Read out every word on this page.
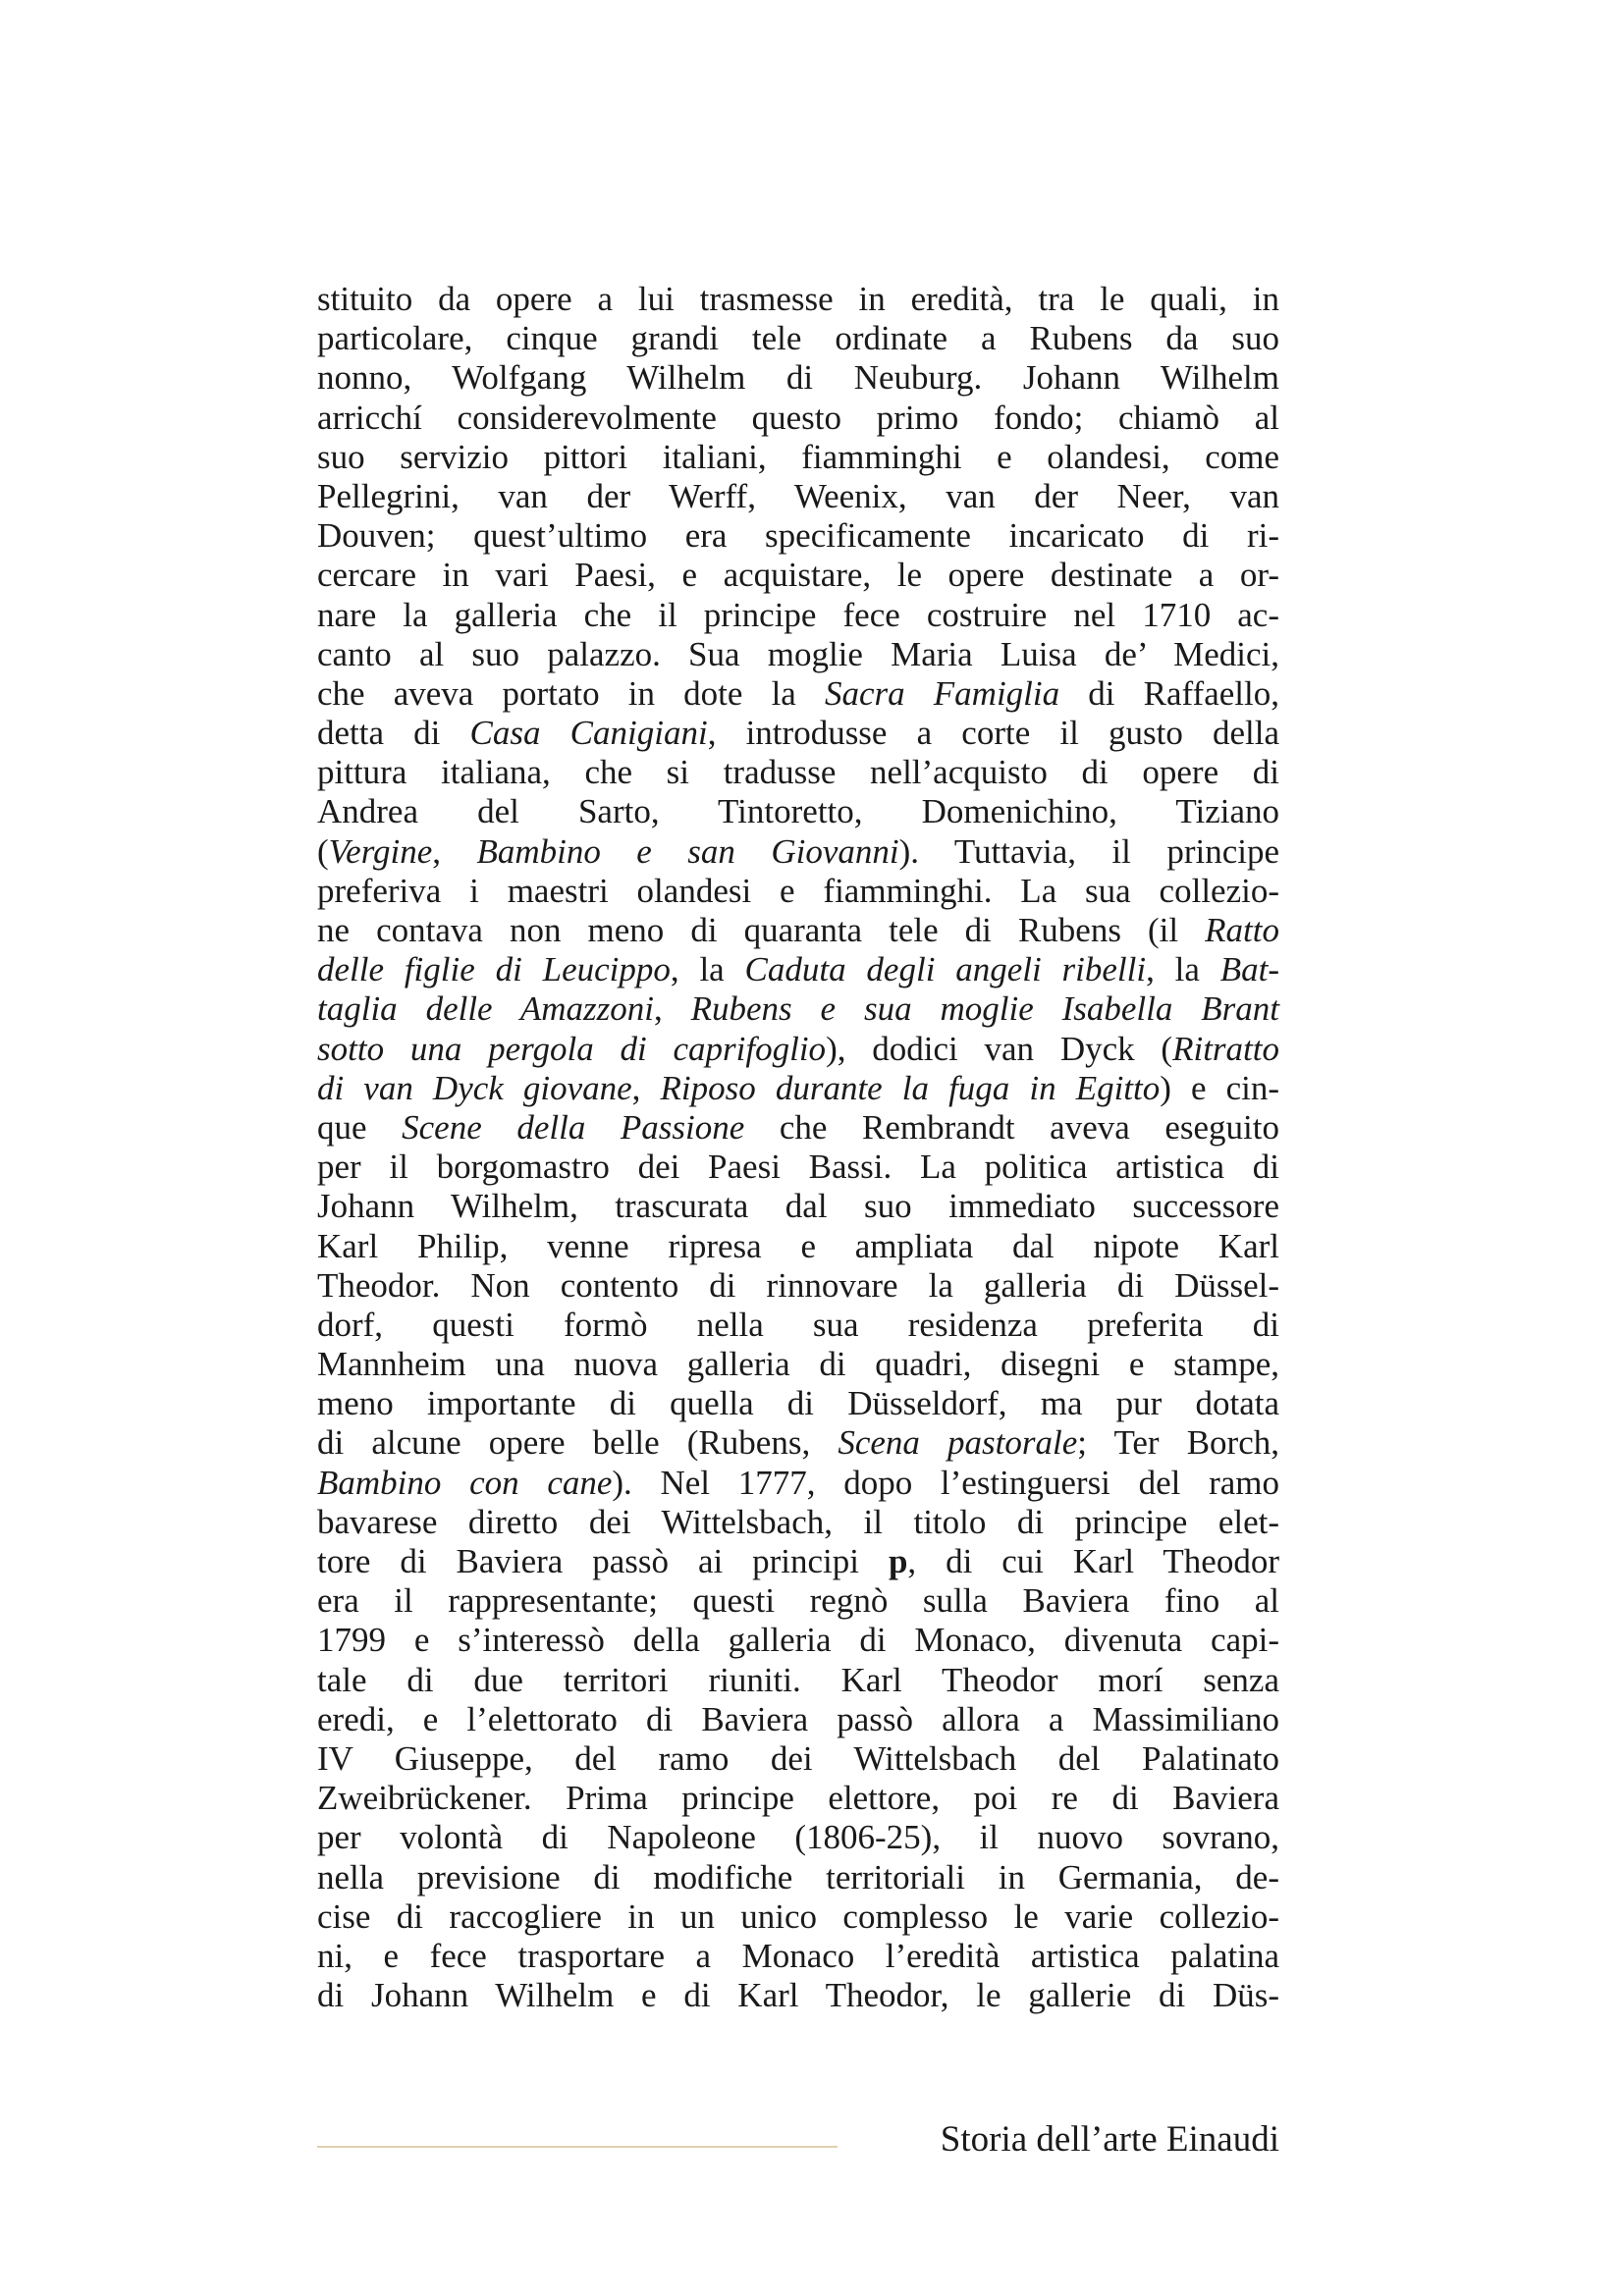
stituito da opere a lui trasmesse in eredità, tra le quali, in
particolare, cinque grandi tele ordinate a Rubens da suo
nonno, Wolfgang Wilhelm di Neuburg. Johann Wilhelm
arricchí considerevolmente questo primo fondo; chiamò al
suo servizio pittori italiani, fiamminghi e olandesi, come
Pellegrini, van der Werff, Weenix, van der Neer, van
Douven; quest’ultimo era specificamente incaricato di ri-
cercare in vari Paesi, e acquistare, le opere destinate a or-
nare la galleria che il principe fece costruire nel 1710 ac-
canto al suo palazzo. Sua moglie Maria Luisa de’ Medici,
che aveva portato in dote la Sacra Famiglia di Raffaello,
detta di Casa Canigiani, introdusse a corte il gusto della
pittura italiana, che si tradusse nell’acquisto di opere di
Andrea del Sarto, Tintoretto, Domenichino, Tiziano
(Vergine, Bambino e san Giovanni). Tuttavia, il principe
preferiva i maestri olandesi e fiamminghi. La sua collezio-
ne contava non meno di quaranta tele di Rubens (il Ratto
delle figlie di Leucippo, la Caduta degli angeli ribelli, la Bat-
taglia delle Amazzoni, Rubens e sua moglie Isabella Brant
sotto una pergola di caprifoglio), dodici van Dyck (Ritratto
di van Dyck giovane, Riposo durante la fuga in Egitto) e cin-
que Scene della Passione che Rembrandt aveva eseguito
per il borgomastro dei Paesi Bassi. La politica artistica di
Johann Wilhelm, trascurata dal suo immediato successore
Karl Philip, venne ripresa e ampliata dal nipote Karl
Theodor. Non contento di rinnovare la galleria di Düssel-
dorf, questi formò nella sua residenza preferita di
Mannheim una nuova galleria di quadri, disegni e stampe,
meno importante di quella di Düsseldorf, ma pur dotata
di alcune opere belle (Rubens, Scena pastorale; Ter Borch,
Bambino con cane). Nel 1777, dopo l’estinguersi del ramo
bavarese diretto dei Wittelsbach, il titolo di principe elet-
tore di Baviera passò ai principi p, di cui Karl Theodor
era il rappresentante; questi regnò sulla Baviera fino al
1799 e s’interessò della galleria di Monaco, divenuta capi-
tale di due territori riuniti. Karl Theodor morí senza
eredi, e l’elettorato di Baviera passò allora a Massimiliano
IV Giuseppe, del ramo dei Wittelsbach del Palatinato
Zweibrückener. Prima principe elettore, poi re di Baviera
per volontà di Napoleone (1806-25), il nuovo sovrano,
nella previsione di modifiche territoriali in Germania, de-
cise di raccogliere in un unico complesso le varie collezio-
ni, e fece trasportare a Monaco l’eredità artistica palatina
di Johann Wilhelm e di Karl Theodor, le gallerie di Düs-
Storia dell’arte Einaudi
